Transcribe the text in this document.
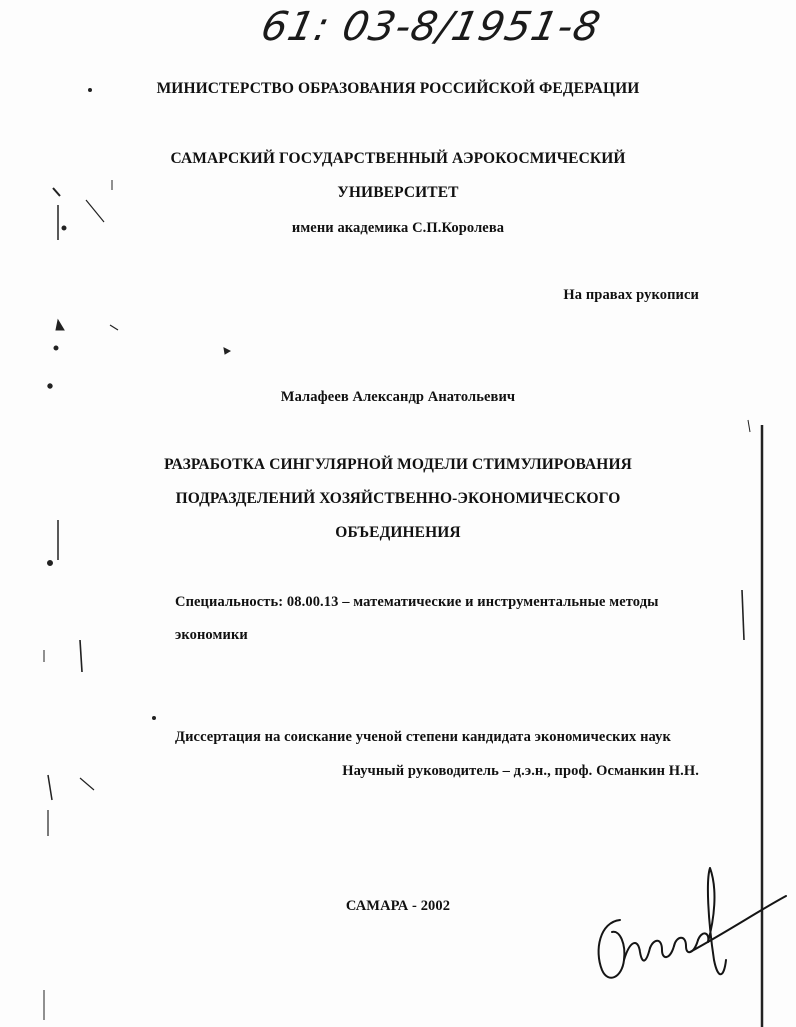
61: 03-8/1951-8
МИНИСТЕРСТВО ОБРАЗОВАНИЯ РОССИЙСКОЙ ФЕДЕРАЦИИ
САМАРСКИЙ ГОСУДАРСТВЕННЫЙ АЭРОКОСМИЧЕСКИЙ
УНИВЕРСИТЕТ
имени академика С.П.Королева
На правах рукописи
Малафеев Александр Анатольевич
РАЗРАБОТКА СИНГУЛЯРНОЙ МОДЕЛИ СТИМУЛИРОВАНИЯ
ПОДРАЗДЕЛЕНИЙ ХОЗЯЙСТВЕННО-ЭКОНОМИЧЕСКОГО
ОБЪЕДИНЕНИЯ
Специальность: 08.00.13 – математические и инструментальные методы
экономики
Диссертация на соискание ученой степени кандидата экономических наук
Научный руководитель – д.э.н., проф. Османкин Н.Н.
САМАРА - 2002
